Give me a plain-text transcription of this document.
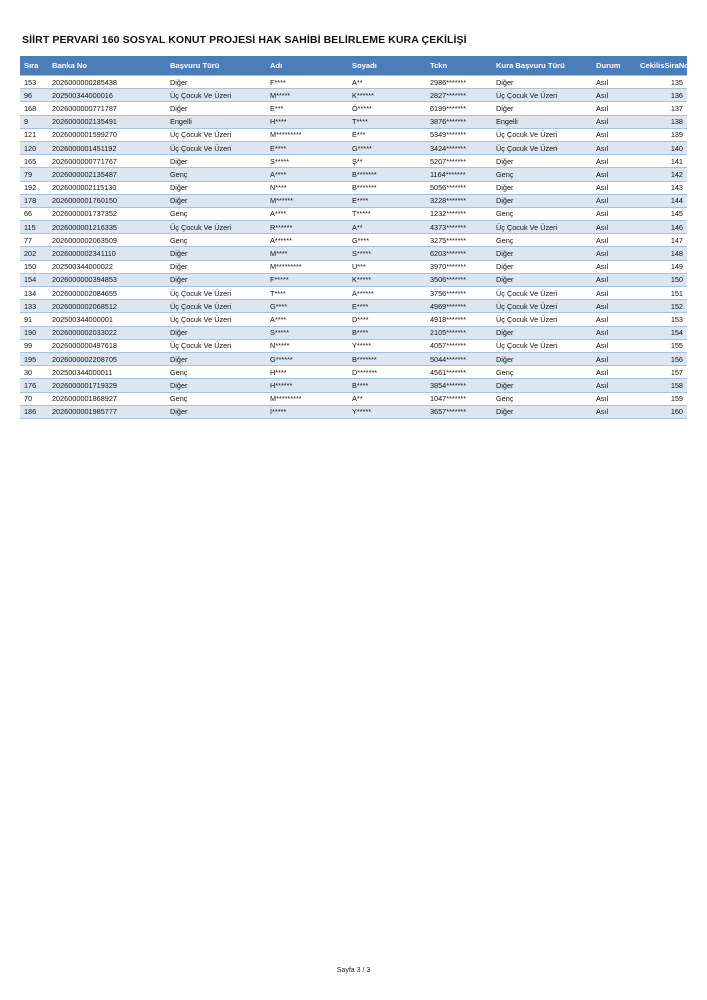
SİİRT PERVARİ 160 SOSYAL KONUT PROJESİ HAK SAHİBİ BELİRLEME KURA ÇEKİLİŞİ
Sıra	Banka No	Başvuru Türü	Adı	Soyadı	Tckn	Kura Başvuru Türü	Durum	CekilisSiraNo
153	2026000000285438	Diğer	F****	A**	2986*******	Diğer	Asıl	135
96	202500344000016	Üç Çocuk Ve Üzeri	M*****	K******	2827*******	Üç Çocuk Ve Üzeri	Asıl	136
168	2026000000771787	Diğer	E***	Ö*****	6199*******	Diğer	Asıl	137
9	2026000002135491	Engelli	H****	T****	3876*******	Engelli	Asıl	138
121	2026000001599270	Üç Çocuk Ve Üzeri	M*********	E***	5349*******	Üç Çocuk Ve Üzeri	Asıl	139
120	2026000001451192	Üç Çocuk Ve Üzeri	E****	G*****	3424*******	Üç Çocuk Ve Üzeri	Asıl	140
165	2026000000771767	Diğer	S*****	Ş**	5207*******	Diğer	Asıl	141
79	2026000002135487	Genç	A****	B*******	1164*******	Genç	Asıl	142
192	2026000002115130	Diğer	N****	B*******	5056*******	Diğer	Asıl	143
178	2026000001760150	Diğer	M******	E****	3228*******	Diğer	Asıl	144
66	2026000001737352	Genç	A****	T*****	1232*******	Genç	Asıl	145
115	2026000001216335	Üç Çocuk Ve Üzeri	R******	A**	4373*******	Üç Çocuk Ve Üzeri	Asıl	146
77	2026000002063509	Genç	A******	G****	3275*******	Genç	Asıl	147
202	2026000002341110	Diğer	M****	S*****	6203*******	Diğer	Asıl	148
150	202500344000022	Diğer	M*********	U***	3970*******	Diğer	Asıl	149
154	2026000000394853	Diğer	F*****	K*****	3506*******	Diğer	Asıl	150
134	2026000002084655	Üç Çocuk Ve Üzeri	T****	A******	3756*******	Üç Çocuk Ve Üzeri	Asıl	151
133	2026000002068512	Üç Çocuk Ve Üzeri	G****	E****	4969*******	Üç Çocuk Ve Üzeri	Asıl	152
91	202500344000001	Üç Çocuk Ve Üzeri	A****	D****	4918*******	Üç Çocuk Ve Üzeri	Asıl	153
190	2026000002033022	Diğer	S*****	B****	2105*******	Diğer	Asıl	154
99	2026000000497618	Üç Çocuk Ve Üzeri	N*****	Y*****	4057*******	Üç Çocuk Ve Üzeri	Asıl	155
195	2026000002208705	Diğer	G******	B*******	5044*******	Diğer	Asıl	156
30	202500344000011	Genç	H****	D*******	4561*******	Genç	Asıl	157
176	2026000001719329	Diğer	H******	B****	3854*******	Diğer	Asıl	158
70	2026000001868927	Genç	M*********	A**	1047*******	Genç	Asıl	159
186	2026000001985777	Diğer	İ*****	Y*****	3657*******	Diğer	Asıl	160
Sayfa 3 / 3
